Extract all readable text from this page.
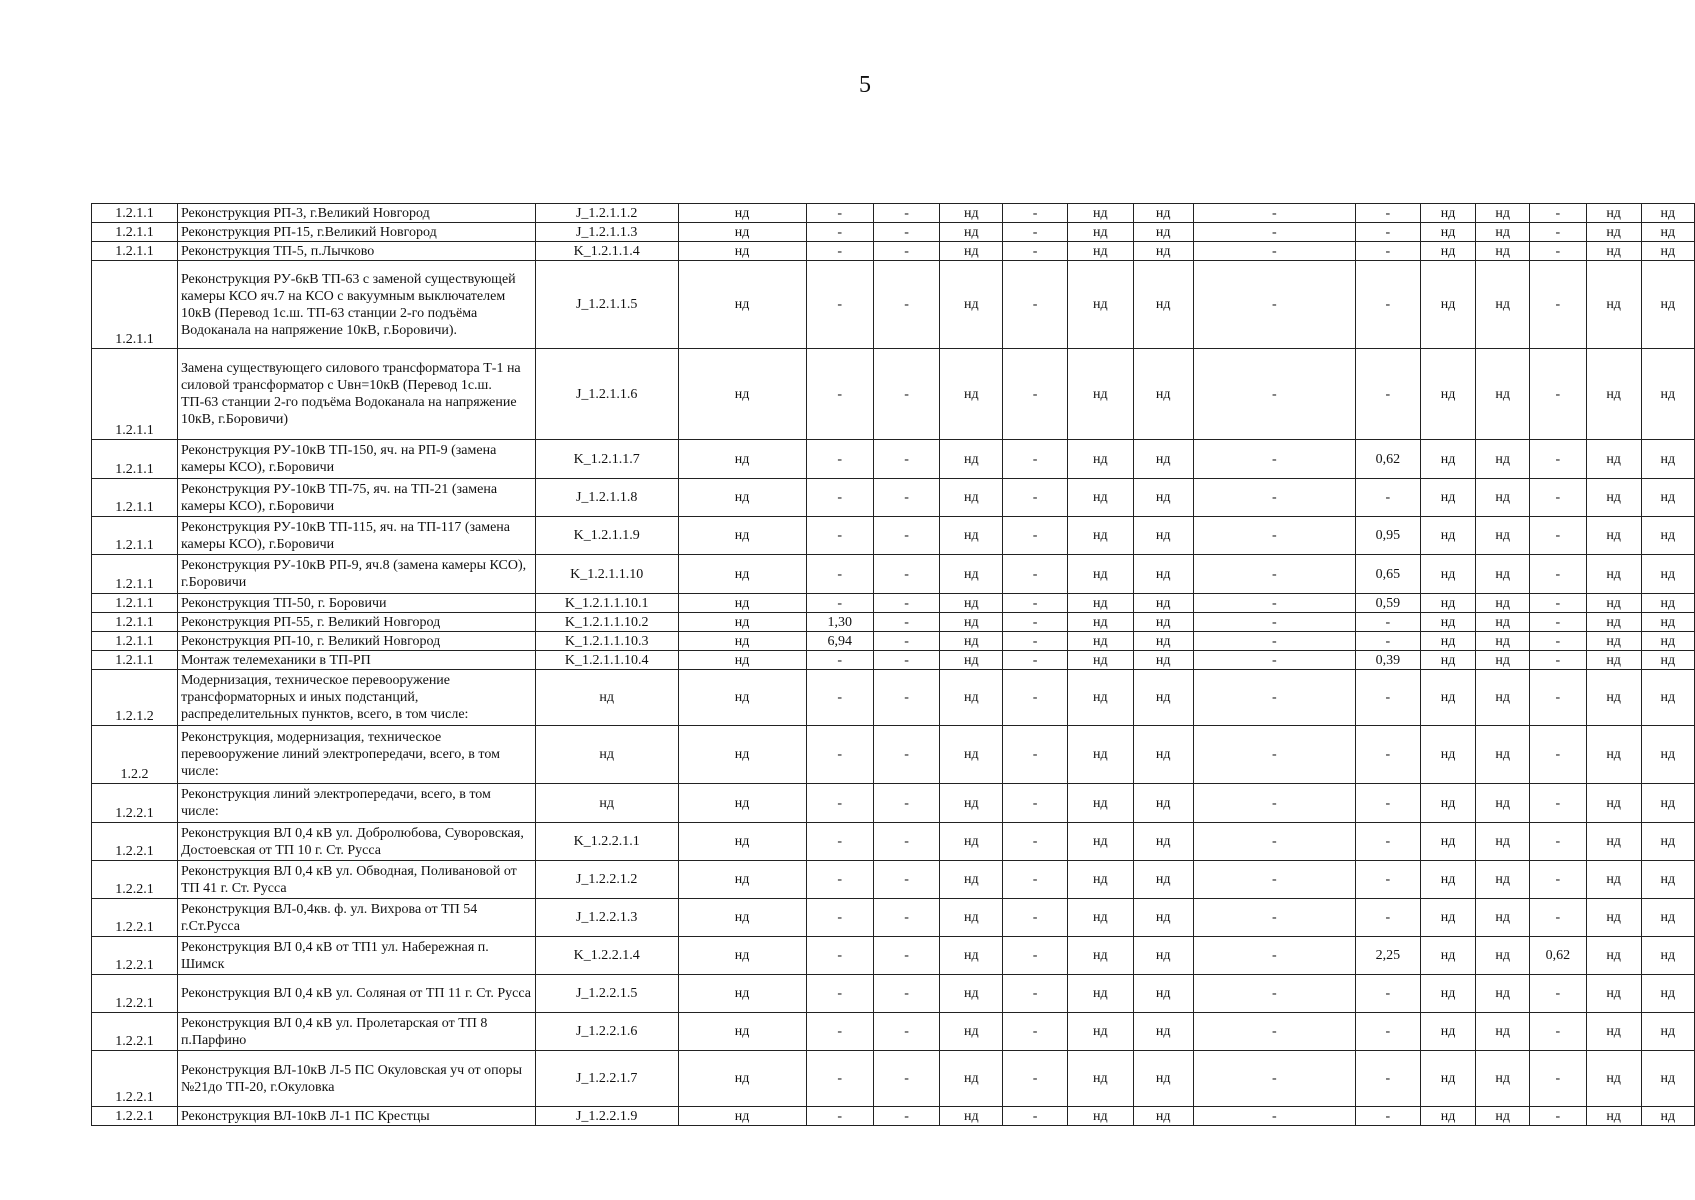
5
1.2.1.1	Реконструкция РП-3, г.Великий Новгород	J_1.2.1.1.2	нд	-	-	нд	-	нд	нд	-	-	нд	нд	-	нд	нд
1.2.1.1	Реконструкция РП-15, г.Великий Новгород	J_1.2.1.1.3	нд	-	-	нд	-	нд	нд	-	-	нд	нд	-	нд	нд
1.2.1.1	Реконструкция ТП-5, п.Лычково	K_1.2.1.1.4	нд	-	-	нд	-	нд	нд	-	-	нд	нд	-	нд	нд
1.2.1.1	Реконструкция РУ-6кВ ТП-63 с заменой существующей камеры КСО яч.7 на КСО с вакуумным выключателем 10кВ (Перевод 1с.ш. ТП-63 станции 2-го подъёма Водоканала на напряжение 10кВ, г.Боровичи).	J_1.2.1.1.5	нд	-	-	нд	-	нд	нд	-	-	нд	нд	-	нд	нд
1.2.1.1	Замена существующего силового трансформатора Т-1 на силовой трансформатор с Uвн=10кВ (Перевод 1с.ш. ТП-63 станции 2-го подъёма Водоканала на напряжение 10кВ, г.Боровичи)	J_1.2.1.1.6	нд	-	-	нд	-	нд	нд	-	-	нд	нд	-	нд	нд
1.2.1.1	Реконструкция РУ-10кВ ТП-150, яч. на РП-9 (замена камеры КСО), г.Боровичи	K_1.2.1.1.7	нд	-	-	нд	-	нд	нд	-	0,62	нд	нд	-	нд	нд
1.2.1.1	Реконструкция РУ-10кВ ТП-75, яч. на ТП-21 (замена камеры КСО), г.Боровичи	J_1.2.1.1.8	нд	-	-	нд	-	нд	нд	-	-	нд	нд	-	нд	нд
1.2.1.1	Реконструкция РУ-10кВ ТП-115, яч. на ТП-117 (замена камеры КСО), г.Боровичи	K_1.2.1.1.9	нд	-	-	нд	-	нд	нд	-	0,95	нд	нд	-	нд	нд
1.2.1.1	Реконструкция РУ-10кВ РП-9, яч.8 (замена камеры КСО), г.Боровичи	K_1.2.1.1.10	нд	-	-	нд	-	нд	нд	-	0,65	нд	нд	-	нд	нд
1.2.1.1	Реконструкция ТП-50, г. Боровичи	K_1.2.1.1.10.1	нд	-	-	нд	-	нд	нд	-	0,59	нд	нд	-	нд	нд
1.2.1.1	Реконструкция РП-55, г. Великий Новгород	K_1.2.1.1.10.2	нд	1,30	-	нд	-	нд	нд	-	-	нд	нд	-	нд	нд
1.2.1.1	Реконструкция РП-10, г. Великий Новгород	K_1.2.1.1.10.3	нд	6,94	-	нд	-	нд	нд	-	-	нд	нд	-	нд	нд
1.2.1.1	Монтаж телемеханики в ТП-РП	K_1.2.1.1.10.4	нд	-	-	нд	-	нд	нд	-	0,39	нд	нд	-	нд	нд
1.2.1.2	Модернизация, техническое перевооружение трансформаторных и иных подстанций, распределительных пунктов, всего, в том числе:	нд	нд	-	-	нд	-	нд	нд	-	-	нд	нд	-	нд	нд
1.2.2	Реконструкция, модернизация, техническое перевооружение линий электропередачи, всего, в том числе:	нд	нд	-	-	нд	-	нд	нд	-	-	нд	нд	-	нд	нд
1.2.2.1	Реконструкция линий электропередачи, всего, в том числе:	нд	нд	-	-	нд	-	нд	нд	-	-	нд	нд	-	нд	нд
1.2.2.1	Реконструкция ВЛ 0,4 кВ ул. Добролюбова, Суворовская, Достоевская от ТП 10 г. Ст. Русса	K_1.2.2.1.1	нд	-	-	нд	-	нд	нд	-	-	нд	нд	-	нд	нд
1.2.2.1	Реконструкция ВЛ 0,4 кВ ул. Обводная, Поливановой от ТП 41 г. Ст. Русса	J_1.2.2.1.2	нд	-	-	нд	-	нд	нд	-	-	нд	нд	-	нд	нд
1.2.2.1	Реконструкция ВЛ-0,4кв. ф. ул. Вихрова от ТП 54 г.Ст.Русса	J_1.2.2.1.3	нд	-	-	нд	-	нд	нд	-	-	нд	нд	-	нд	нд
1.2.2.1	Реконструкция ВЛ 0,4 кВ от ТП1 ул. Набережная п. Шимск	K_1.2.2.1.4	нд	-	-	нд	-	нд	нд	-	2,25	нд	нд	0,62	нд	нд
1.2.2.1	Реконструкция ВЛ 0,4 кВ ул. Соляная от ТП 11 г. Ст. Русса	J_1.2.2.1.5	нд	-	-	нд	-	нд	нд	-	-	нд	нд	-	нд	нд
1.2.2.1	Реконструкция ВЛ 0,4 кВ ул. Пролетарская от ТП 8 п.Парфино	J_1.2.2.1.6	нд	-	-	нд	-	нд	нд	-	-	нд	нд	-	нд	нд
1.2.2.1	Реконструкция ВЛ-10кВ Л-5 ПС Окуловская уч от опоры №21до ТП-20, г.Окуловка	J_1.2.2.1.7	нд	-	-	нд	-	нд	нд	-	-	нд	нд	-	нд	нд
1.2.2.1	Реконструкция ВЛ-10кВ Л-1 ПС Крестцы	J_1.2.2.1.9	нд	-	-	нд	-	нд	нд	-	-	нд	нд	-	нд	нд
